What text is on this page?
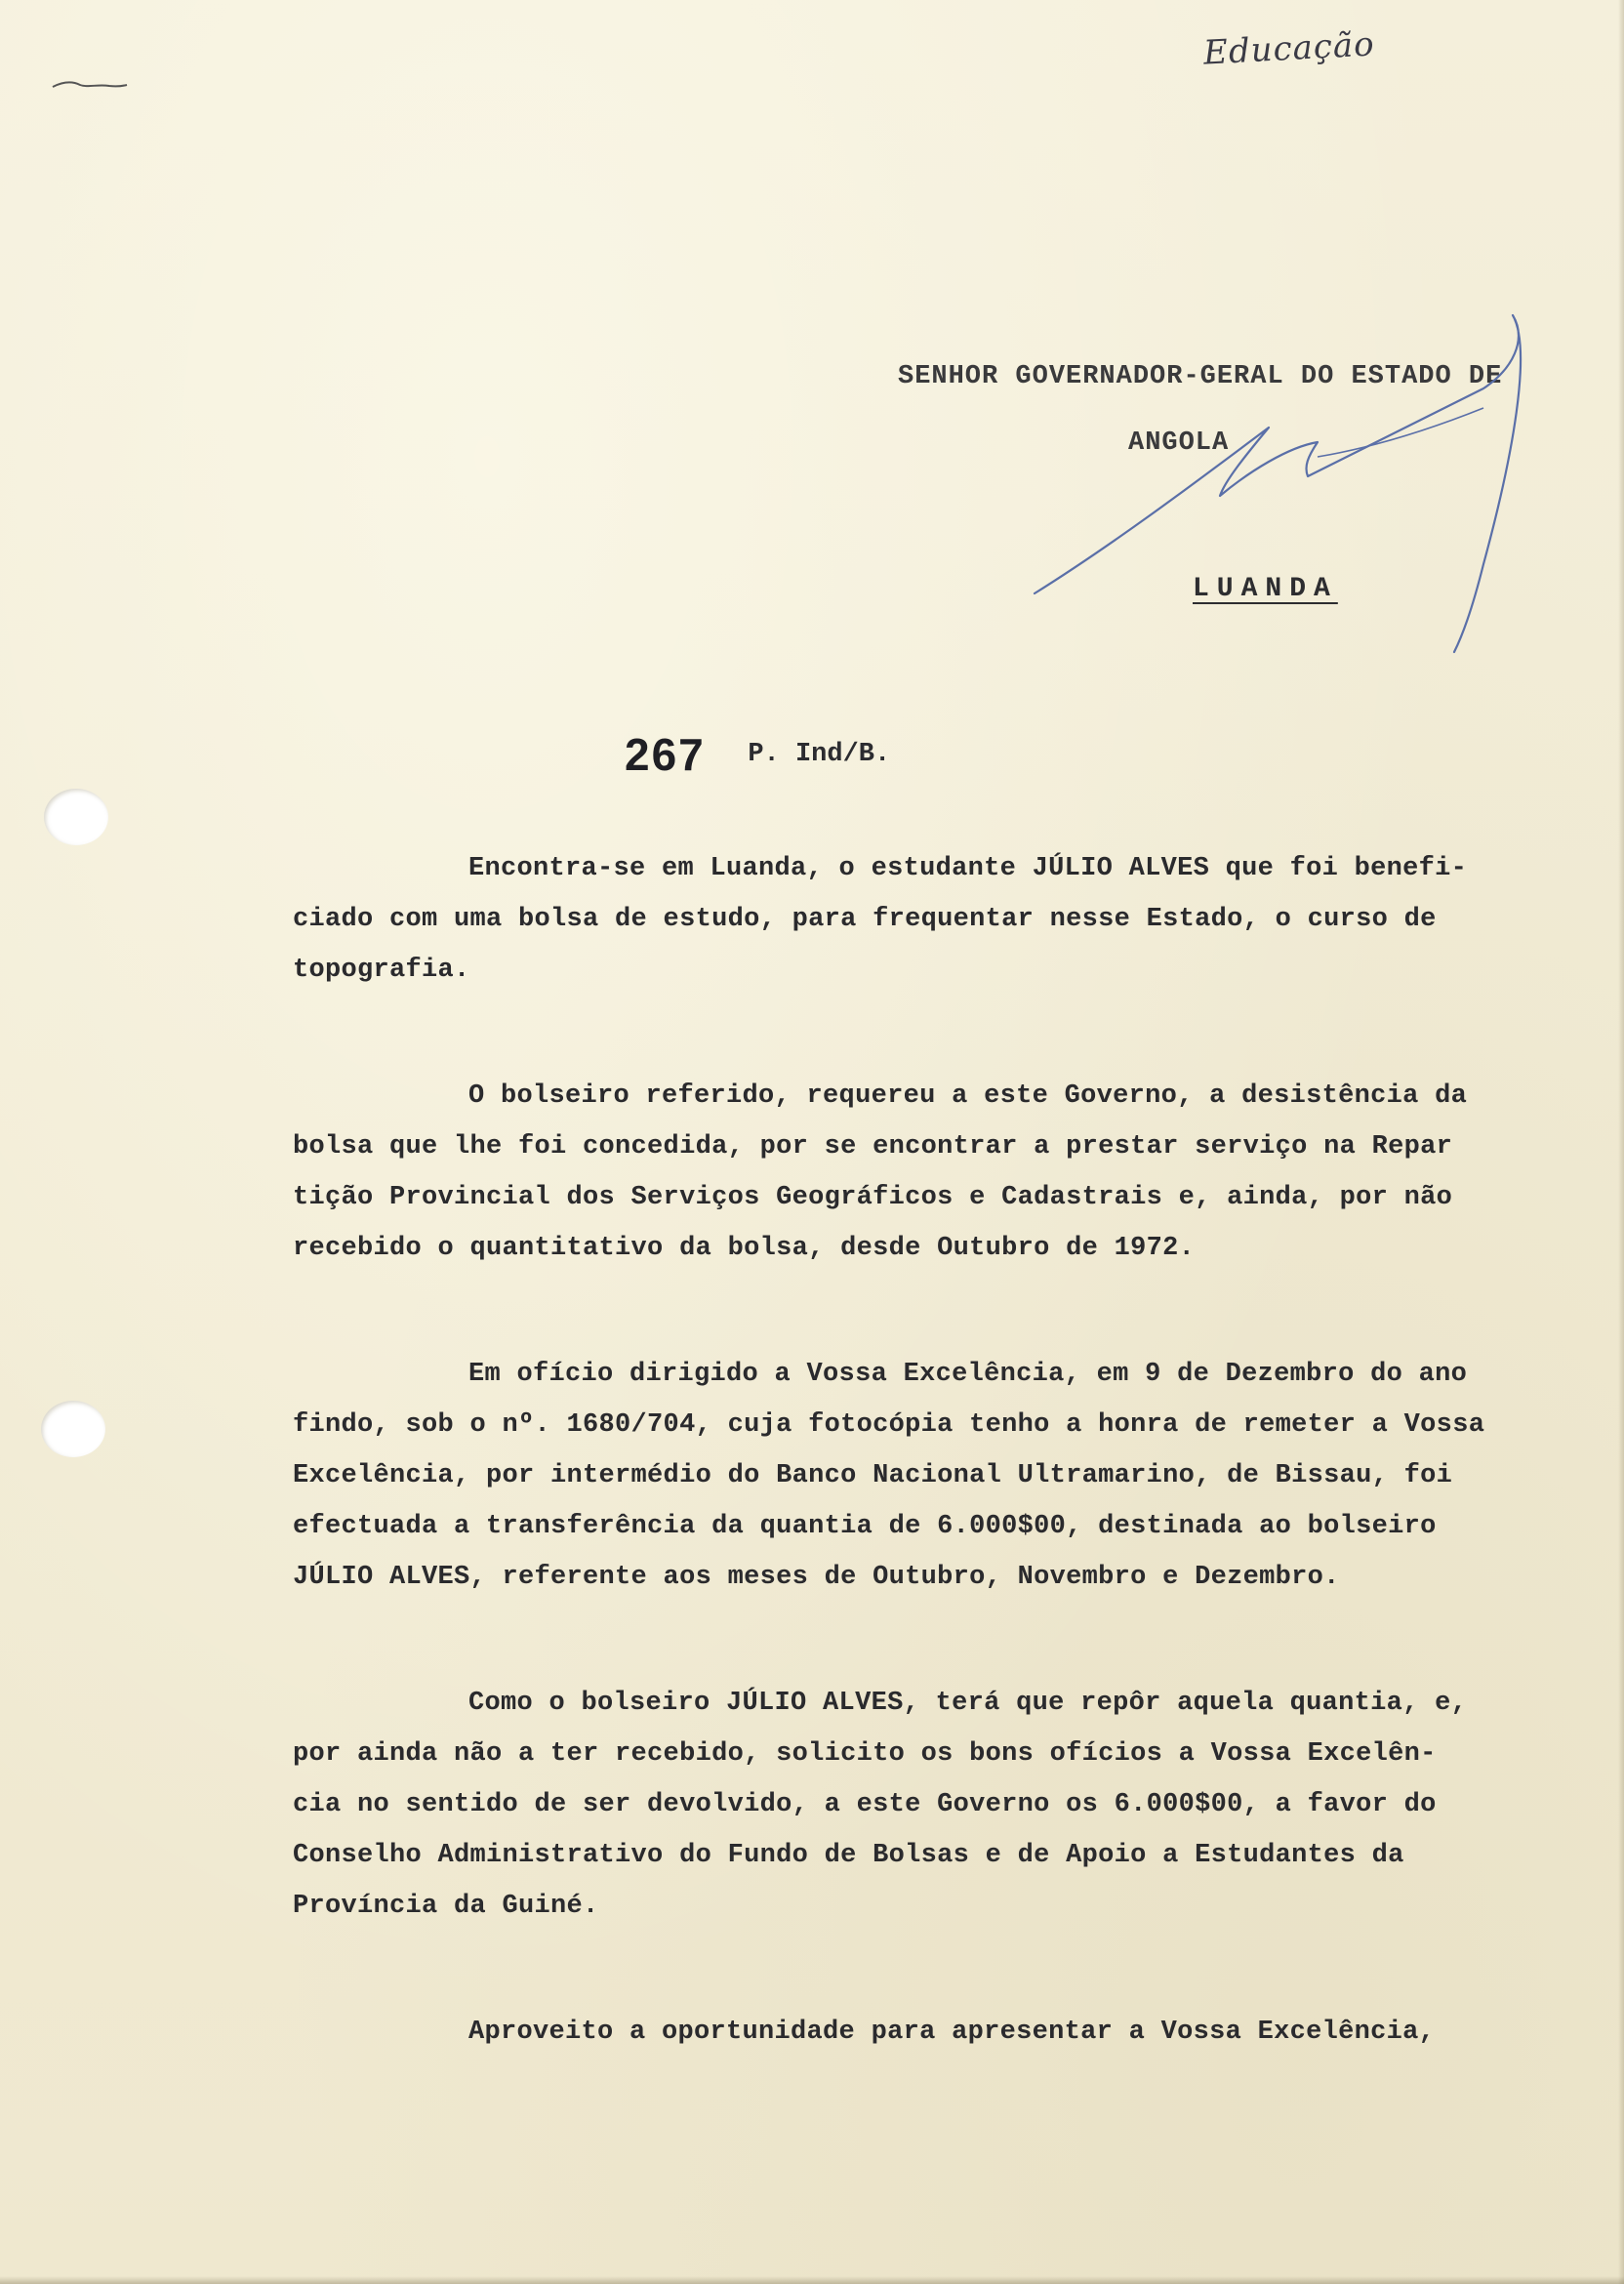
Educação
SENHOR GOVERNADOR-GERAL DO ESTADO DE
ANGOLA
LUANDA
267 P. Ind/B.
Encontra-se em Luanda, o estudante JÚLIO ALVES que foi benefi-
ciado com uma bolsa de estudo, para frequentar nesse Estado, o curso de
topografia.
O bolseiro referido, requereu a este Governo, a desistência da
bolsa que lhe foi concedida, por se encontrar a prestar serviço na Repar
tição Provincial dos Serviços Geográficos e Cadastrais e, ainda, por não
recebido o quantitativo da bolsa, desde Outubro de 1972.
Em ofício dirigido a Vossa Excelência, em 9 de Dezembro do ano
findo, sob o nº. 1680/704, cuja fotocópia tenho a honra de remeter a Vossa
Excelência, por intermédio do Banco Nacional Ultramarino, de Bissau, foi
efectuada a transferência da quantia de 6.000$00, destinada ao bolseiro
JÚLIO ALVES, referente aos meses de Outubro, Novembro e Dezembro.
Como o bolseiro JÚLIO ALVES, terá que repôr aquela quantia, e,
por ainda não a ter recebido, solicito os bons ofícios a Vossa Excelên-
cia no sentido de ser devolvido, a este Governo os 6.000$00, a favor do
Conselho Administrativo do Fundo de Bolsas e de Apoio a Estudantes da
Província da Guiné.
Aproveito a oportunidade para apresentar a Vossa Excelência,
